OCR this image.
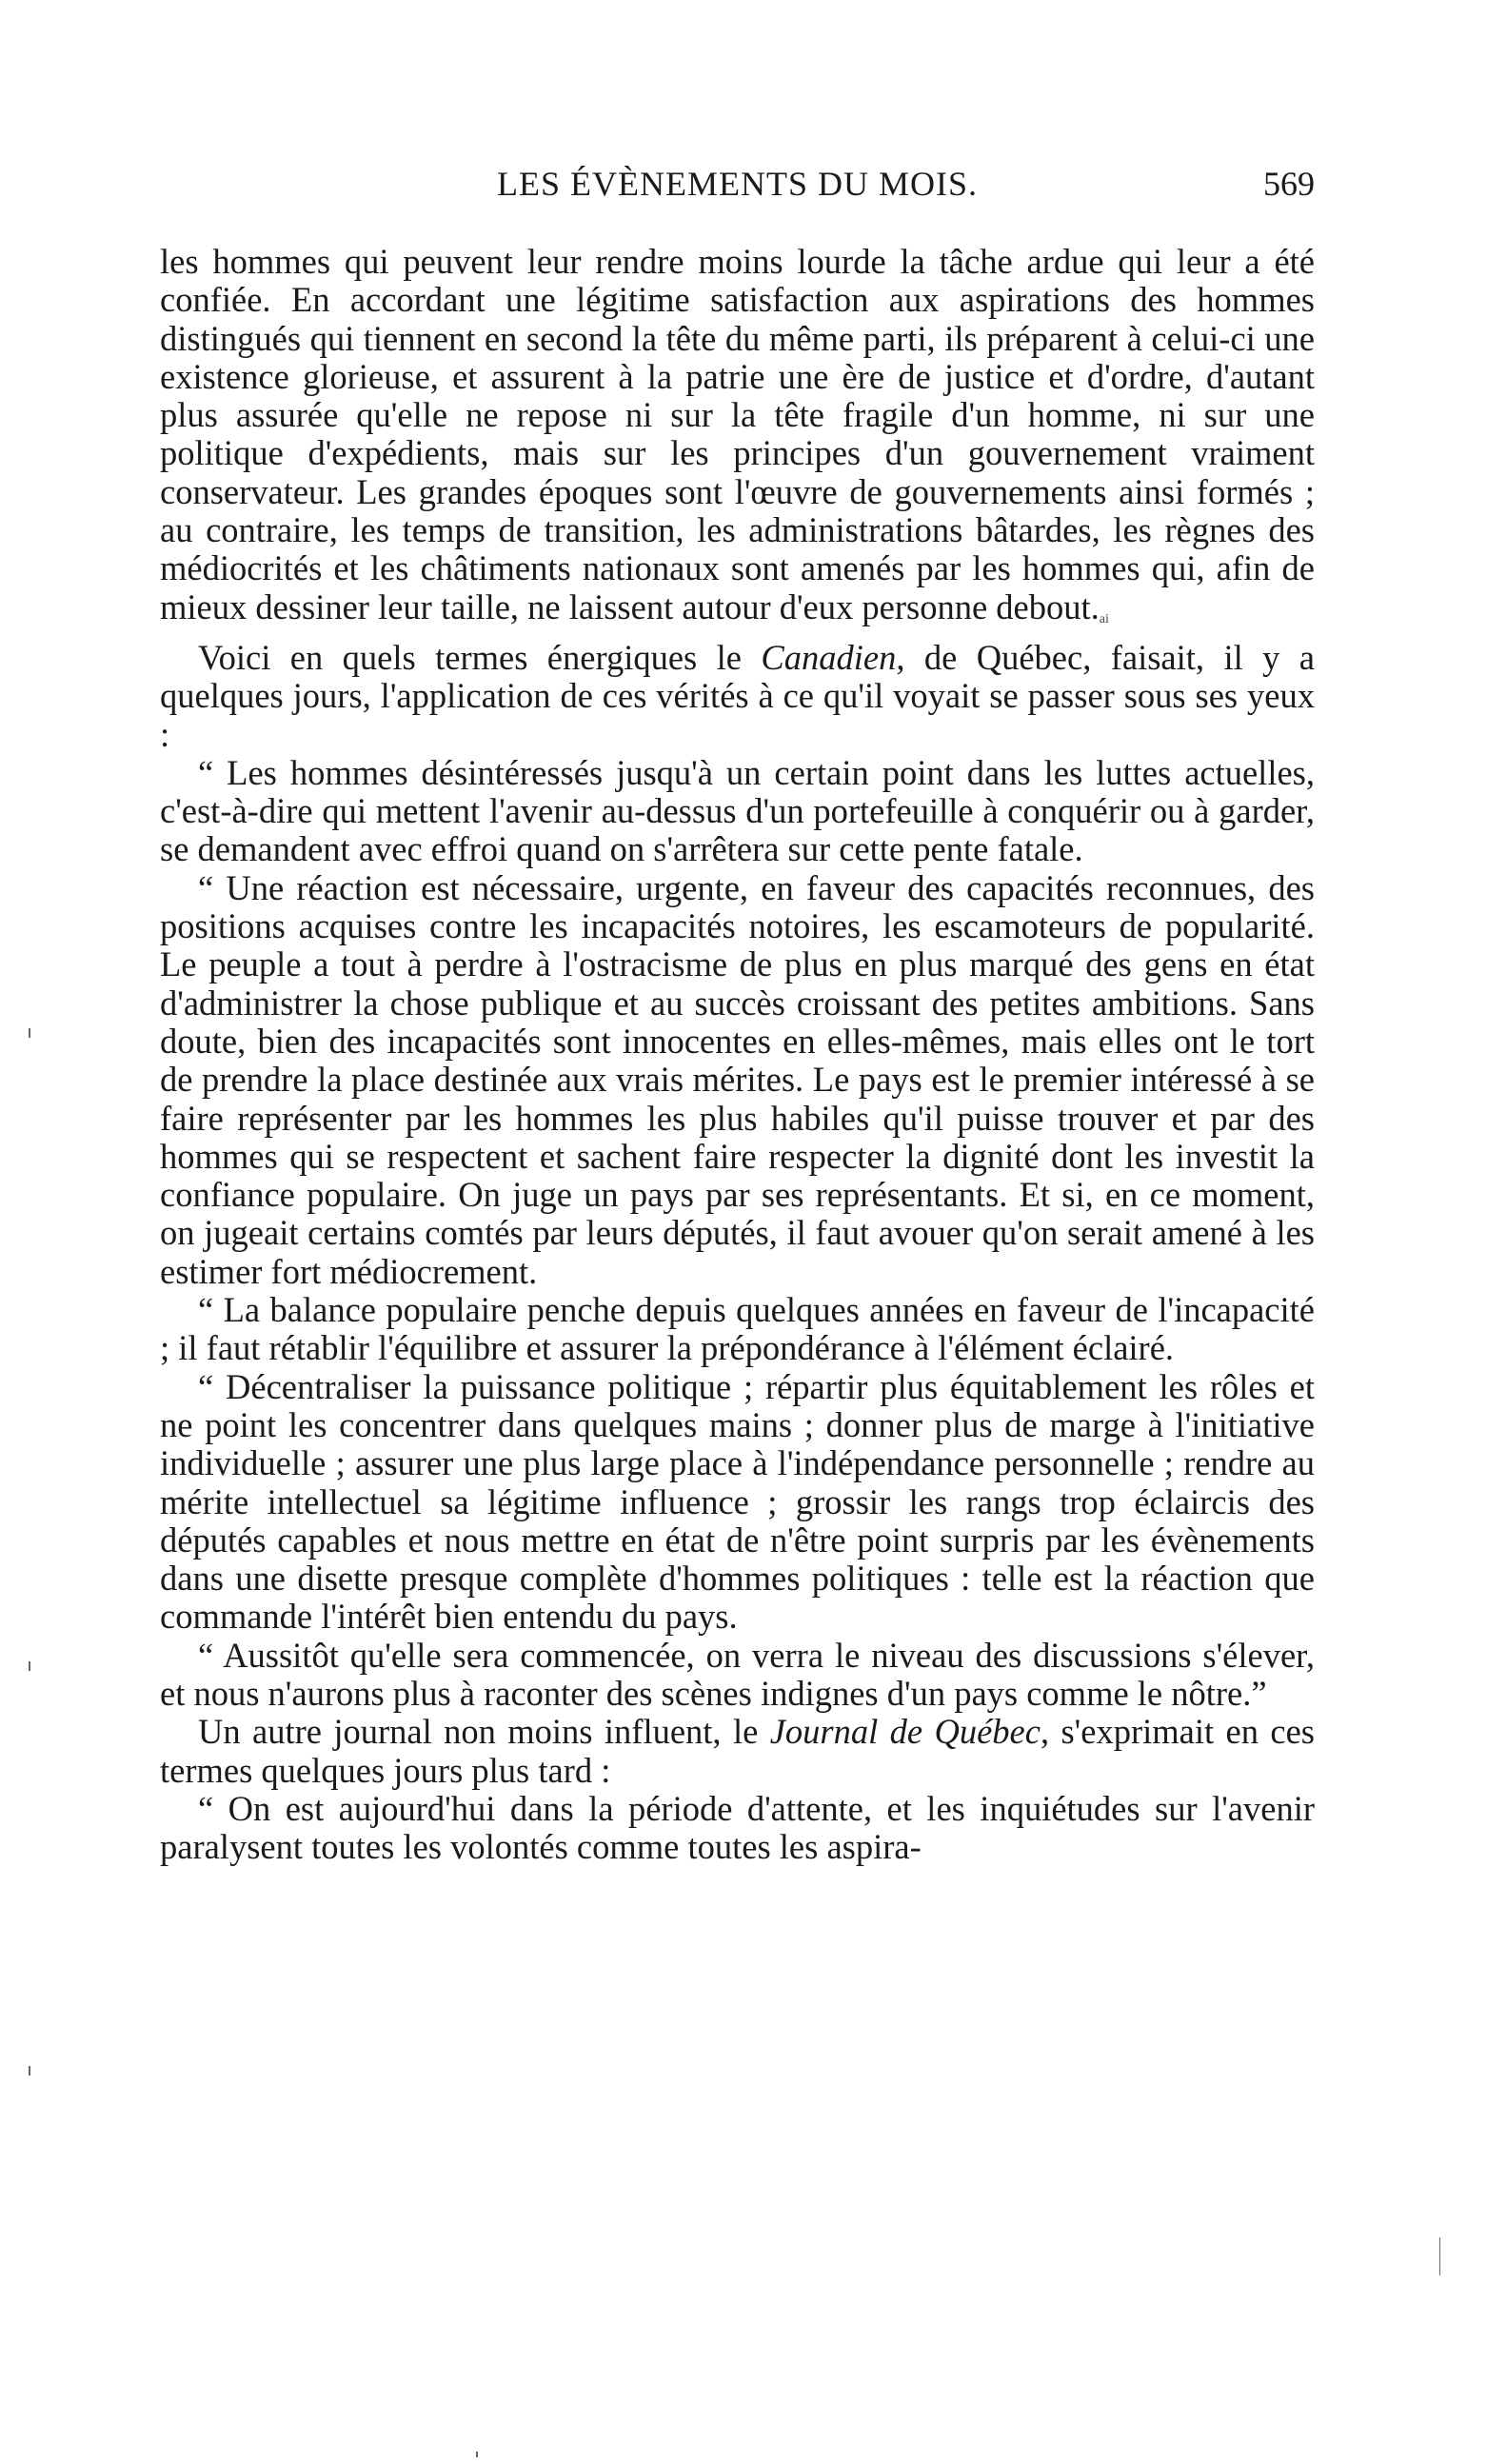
LES ÉVÈNEMENTS DU MOIS.	569

les hommes qui peuvent leur rendre moins lourde la tâche ardue qui leur a été confiée. En accordant une légitime satisfaction aux aspirations des hommes distingués qui tiennent en second la tête du même parti, ils préparent à celui-ci une existence glorieuse, et assurent à la patrie une ère de justice et d'ordre, d'autant plus assurée qu'elle ne repose ni sur la tête fragile d'un homme, ni sur une politique d'expédients, mais sur les principes d'un gouvernement vraiment conservateur. Les grandes époques sont l'œuvre de gouvernements ainsi formés ; au contraire, les temps de transition, les administrations bâtardes, les règnes des médiocrités et les châtiments nationaux sont amenés par les hommes qui, afin de mieux dessiner leur taille, ne laissent autour d'eux personne debout.ai

Voici en quels termes énergiques le Canadien, de Québec, faisait, il y a quelques jours, l'application de ces vérités à ce qu'il voyait se passer sous ses yeux :

“ Les hommes désintéressés jusqu'à un certain point dans les luttes actuelles, c'est-à-dire qui mettent l'avenir au-dessus d'un portefeuille à conquérir ou à garder, se demandent avec effroi quand on s'arrêtera sur cette pente fatale.

“ Une réaction est nécessaire, urgente, en faveur des capacités reconnues, des positions acquises contre les incapacités notoires, les escamoteurs de popularité. Le peuple a tout à perdre à l'ostracisme de plus en plus marqué des gens en état d'administrer la chose publique et au succès croissant des petites ambitions. Sans doute, bien des incapacités sont innocentes en elles-mêmes, mais elles ont le tort de prendre la place destinée aux vrais mérites. Le pays est le premier intéressé à se faire représenter par les hommes les plus habiles qu'il puisse trouver et par des hommes qui se respectent et sachent faire respecter la dignité dont les investit la confiance populaire. On juge un pays par ses représentants. Et si, en ce moment, on jugeait certains comtés par leurs députés, il faut avouer qu'on serait amené à les estimer fort médiocrement.

“ La balance populaire penche depuis quelques années en faveur de l'incapacité ; il faut rétablir l'équilibre et assurer la prépondérance à l'élément éclairé.

“ Décentraliser la puissance politique ; répartir plus équitablement les rôles et ne point les concentrer dans quelques mains ; donner plus de marge à l'initiative individuelle ; assurer une plus large place à l'indépendance personnelle ; rendre au mérite intellectuel sa légitime influence ; grossir les rangs trop éclaircis des députés capables et nous mettre en état de n'être point surpris par les évènements dans une disette presque complète d'hommes politiques : telle est la réaction que commande l'intérêt bien entendu du pays.

“ Aussitôt qu'elle sera commencée, on verra le niveau des discussions s'élever, et nous n'aurons plus à raconter des scènes indignes d'un pays comme le nôtre.”

Un autre journal non moins influent, le Journal de Québec, s'exprimait en ces termes quelques jours plus tard :

“ On est aujourd'hui dans la période d'attente, et les inquiétudes sur l'avenir paralysent toutes les volontés comme toutes les aspira-
